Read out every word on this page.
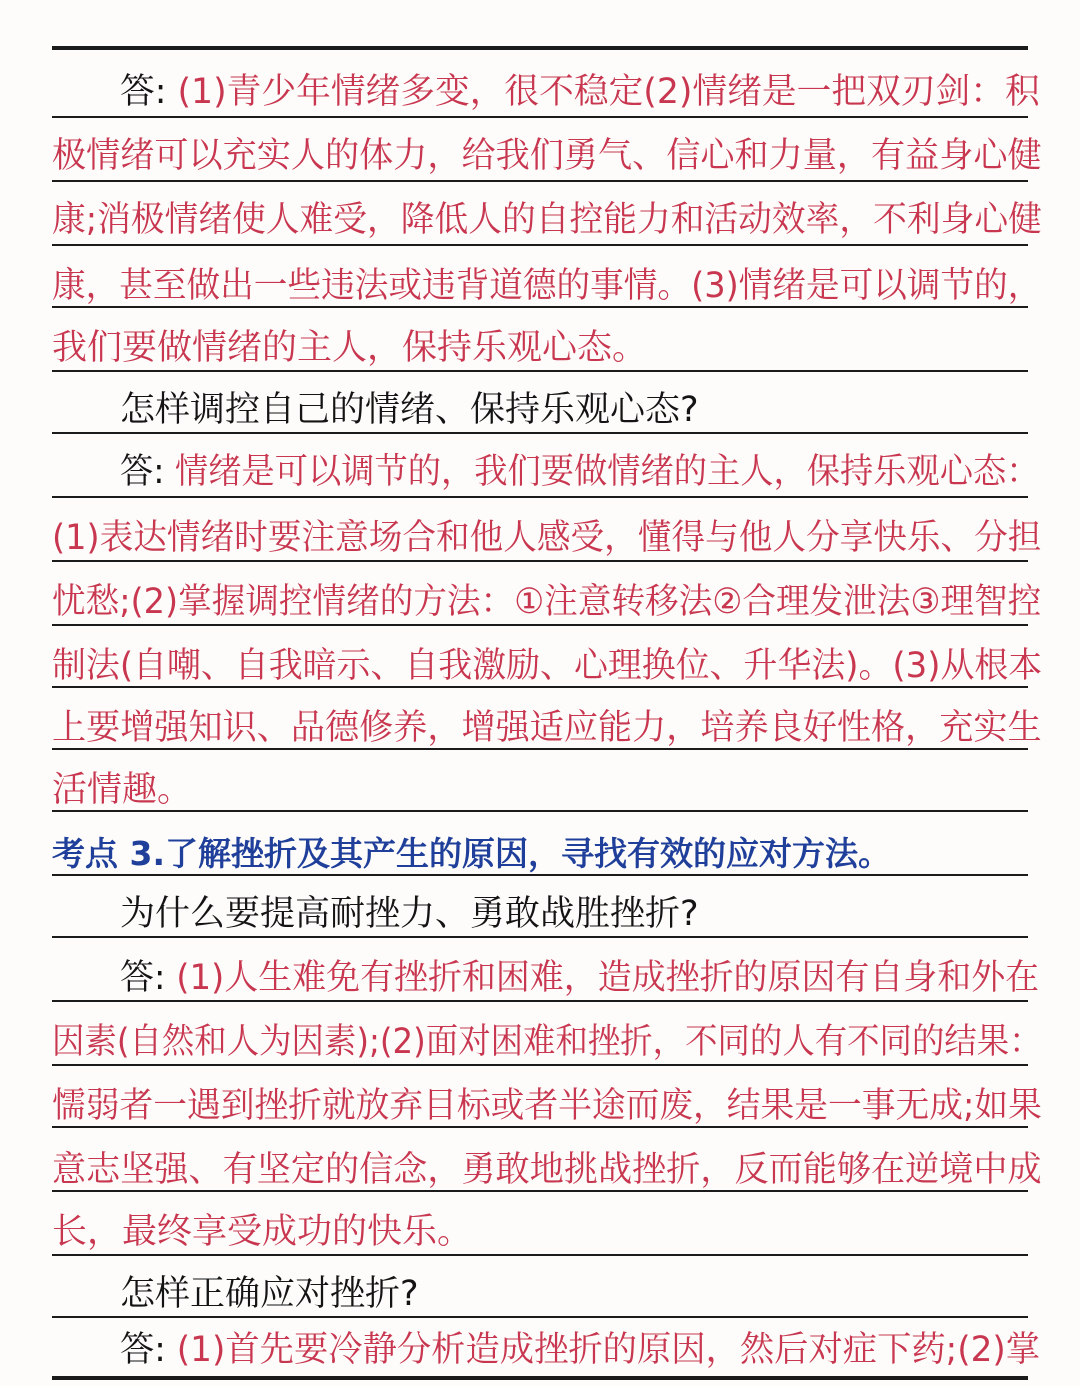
答: (1)青少年情绪多变，很不稳定(2)情绪是一把双刃剑：积
极情绪可以充实人的体力，给我们勇气、信心和力量，有益身心健
康;消极情绪使人难受，降低人的自控能力和活动效率，不利身心健
康，甚至做出一些违法或违背道德的事情。(3)情绪是可以调节的，
我们要做情绪的主人，保持乐观心态。
怎样调控自己的情绪、保持乐观心态?
答: 情绪是可以调节的，我们要做情绪的主人，保持乐观心态：
(1)表达情绪时要注意场合和他人感受，懂得与他人分享快乐、分担
忧愁;(2)掌握调控情绪的方法：①注意转移法②合理发泄法③理智控
制法(自嘲、自我暗示、自我激励、心理换位、升华法)。(3)从根本
上要增强知识、品德修养，增强适应能力，培养良好性格，充实生
活情趣。
考点 3.了解挫折及其产生的原因，寻找有效的应对方法。
为什么要提高耐挫力、勇敢战胜挫折?
答: (1)人生难免有挫折和困难，造成挫折的原因有自身和外在
因素(自然和人为因素);(2)面对困难和挫折，不同的人有不同的结果：
懦弱者一遇到挫折就放弃目标或者半途而废，结果是一事无成;如果
意志坚强、有坚定的信念，勇敢地挑战挫折，反而能够在逆境中成
长，最终享受成功的快乐。
怎样正确应对挫折?
答: (1)首先要冷静分析造成挫折的原因，然后对症下药;(2)掌
